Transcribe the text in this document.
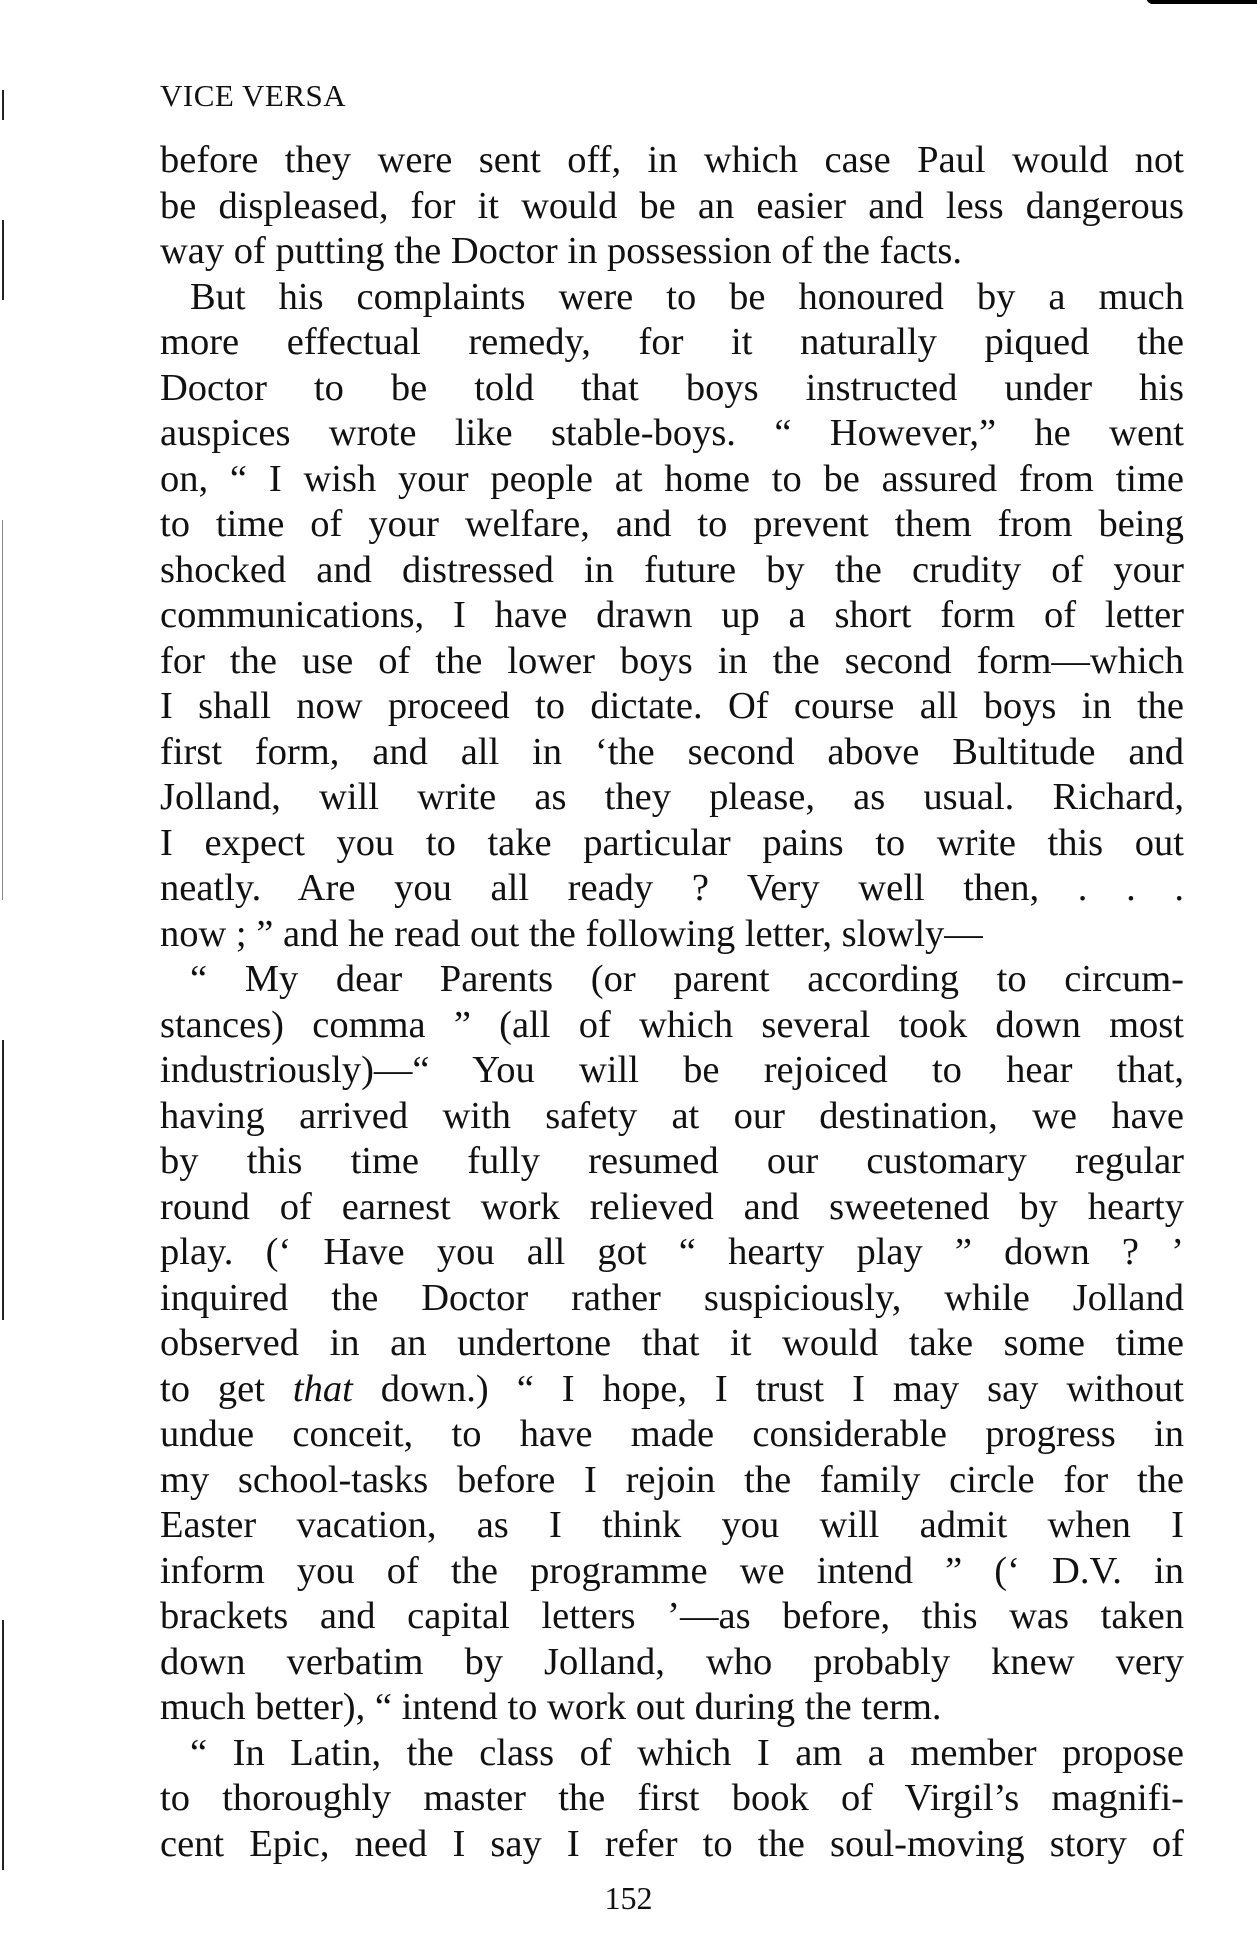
VICE VERSA
before they were sent off, in which case Paul would not
be displeased, for it would be an easier and less dangerous
way of putting the Doctor in possession of the facts.
But his complaints were to be honoured by a much
more effectual remedy, for it naturally piqued the
Doctor to be told that boys instructed under his
auspices wrote like stable-boys. “ However,” he went
on, “ I wish your people at home to be assured from time
to time of your welfare, and to prevent them from being
shocked and distressed in future by the crudity of your
communications, I have drawn up a short form of letter
for the use of the lower boys in the second form—which
I shall now proceed to dictate. Of course all boys in the
first form, and all in ‘the second above Bultitude and
Jolland, will write as they please, as usual. Richard,
I expect you to take particular pains to write this out
neatly. Are you all ready ? Very well then, . . .
now ; ” and he read out the following letter, slowly—
“ My dear Parents (or parent according to circum-
stances) comma ” (all of which several took down most
industriously)—“ You will be rejoiced to hear that,
having arrived with safety at our destination, we have
by this time fully resumed our customary regular
round of earnest work relieved and sweetened by hearty
play. (‘ Have you all got “ hearty play ” down ? ’
inquired the Doctor rather suspiciously, while Jolland
observed in an undertone that it would take some time
to get that down.) “ I hope, I trust I may say without
undue conceit, to have made considerable progress in
my school-tasks before I rejoin the family circle for the
Easter vacation, as I think you will admit when I
inform you of the programme we intend ” (‘ D.V. in
brackets and capital letters ’—as before, this was taken
down verbatim by Jolland, who probably knew very
much better), “ intend to work out during the term.
“ In Latin, the class of which I am a member propose
to thoroughly master the first book of Virgil’s magnifi-
cent Epic, need I say I refer to the soul-moving story of

152
